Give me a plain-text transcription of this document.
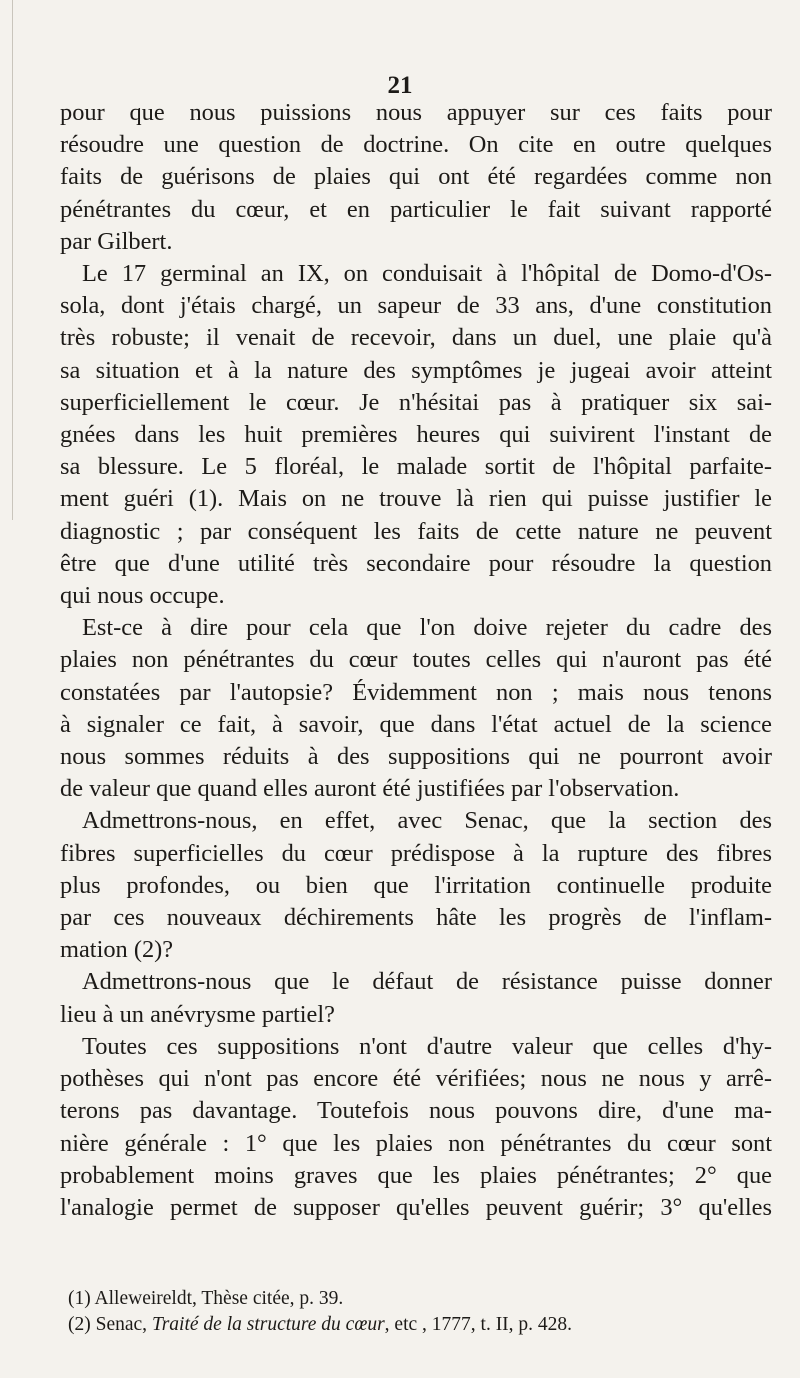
21
pour que nous puissions nous appuyer sur ces faits pour
résoudre une question de doctrine. On cite en outre quelques
faits de guérisons de plaies qui ont été regardées comme non
pénétrantes du cœur, et en particulier le fait suivant rapporté
par Gilbert.
Le 17 germinal an IX, on conduisait à l'hôpital de Domo-d'Os-
sola, dont j'étais chargé, un sapeur de 33 ans, d'une constitution
très robuste; il venait de recevoir, dans un duel, une plaie qu'à
sa situation et à la nature des symptômes je jugeai avoir atteint
superficiellement le cœur. Je n'hésitai pas à pratiquer six sai-
gnées dans les huit premières heures qui suivirent l'instant de
sa blessure. Le 5 floréal, le malade sortit de l'hôpital parfaite-
ment guéri (1). Mais on ne trouve là rien qui puisse justifier le
diagnostic ; par conséquent les faits de cette nature ne peuvent
être que d'une utilité très secondaire pour résoudre la question
qui nous occupe.
Est-ce à dire pour cela que l'on doive rejeter du cadre des
plaies non pénétrantes du cœur toutes celles qui n'auront pas été
constatées par l'autopsie? Évidemment non ; mais nous tenons
à signaler ce fait, à savoir, que dans l'état actuel de la science
nous sommes réduits à des suppositions qui ne pourront avoir
de valeur que quand elles auront été justifiées par l'observation.
Admettrons-nous, en effet, avec Senac, que la section des
fibres superficielles du cœur prédispose à la rupture des fibres
plus profondes, ou bien que l'irritation continuelle produite
par ces nouveaux déchirements hâte les progrès de l'inflam-
mation (2)?
Admettrons-nous que le défaut de résistance puisse donner
lieu à un anévrysme partiel?
Toutes ces suppositions n'ont d'autre valeur que celles d'hy-
pothèses qui n'ont pas encore été vérifiées; nous ne nous y arrê-
terons pas davantage. Toutefois nous pouvons dire, d'une ma-
nière générale : 1° que les plaies non pénétrantes du cœur sont
probablement moins graves que les plaies pénétrantes; 2° que
l'analogie permet de supposer qu'elles peuvent guérir; 3° qu'elles
(1) Alleweireldt, Thèse citée, p. 39.
(2) Senac, Traité de la structure du cœur, etc , 1777, t. II, p. 428.
